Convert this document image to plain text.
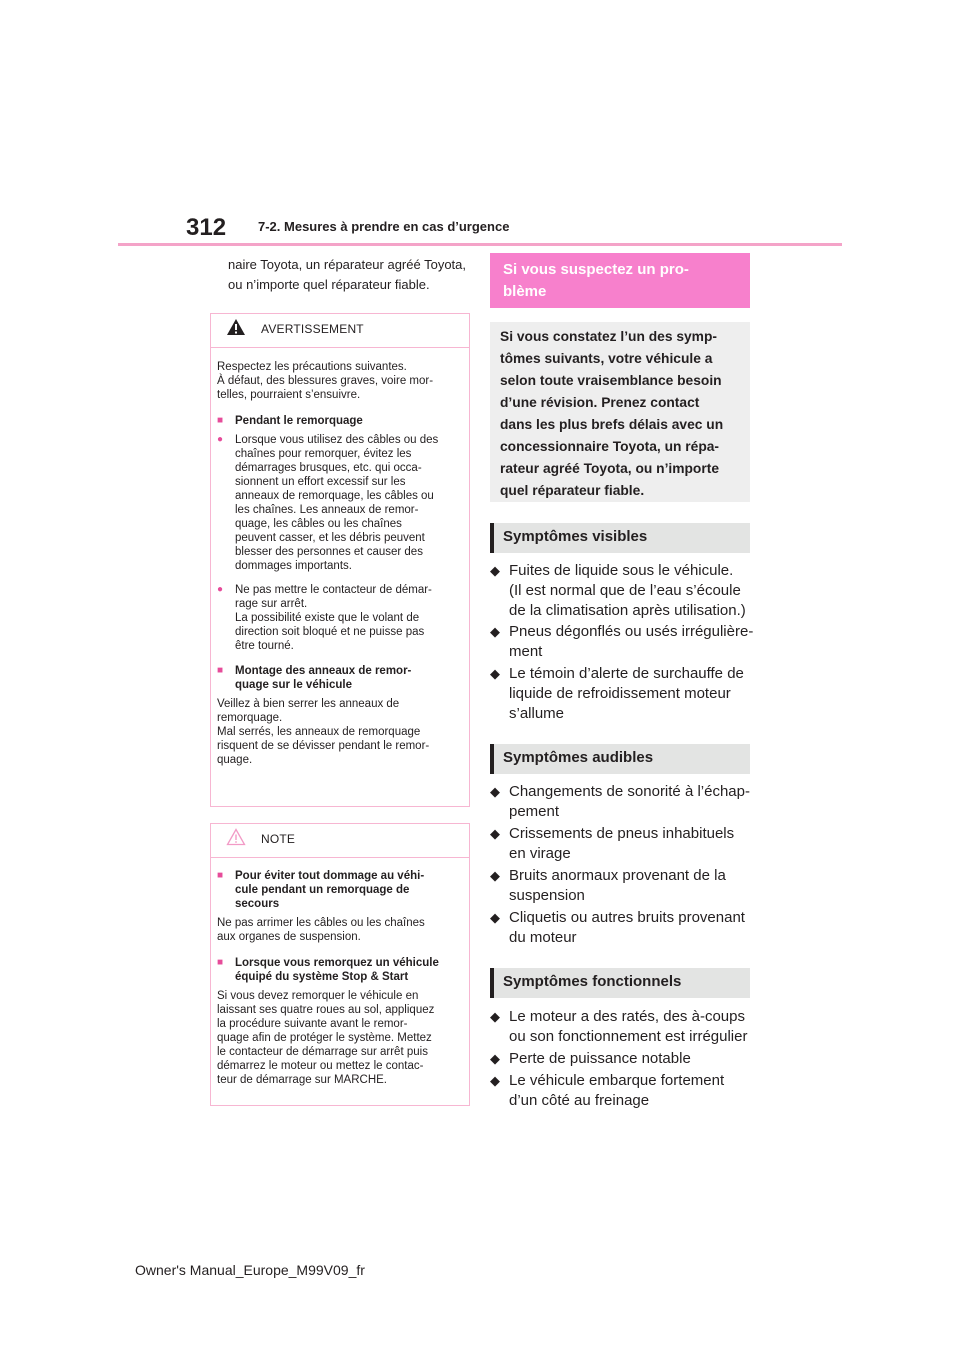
312 7-2. Mesures à prendre en cas d’urgence
naire Toyota, un réparateur agréé Toyota,
ou n’importe quel réparateur fiable.
AVERTISSEMENT

Respectez les précautions suivantes.

À défaut, des blessures graves, voire mor-

telles, pourraient s’ensuivre.

■	Pendant le remorquage
●	Lorsque vous utilisez des câbles ou des

chaînes pour remorquer, évitez les

démarrages brusques, etc. qui occa-

sionnent un effort excessif sur les

anneaux de remorquage, les câbles ou

les chaînes. Les anneaux de remor-

quage, les câbles ou les chaînes

peuvent casser, et les débris peuvent

blesser des personnes et causer des

dommages importants.

●	Ne pas mettre le contacteur de démar-

rage sur arrêt.

La possibilité existe que le volant de

direction soit bloqué et ne puisse pas

être tourné.

■	Montage des anneaux de remor-

quage sur le véhicule

Veillez à bien serrer les anneaux de

remorquage.

Mal serrés, les anneaux de remorquage

risquent de se dévisser pendant le remor-

quage.

NOTE
■	Pour éviter tout dommage au véhi-

cule pendant un remorquage de

secours

Ne pas arrimer les câbles ou les chaînes

aux organes de suspension.

■	Lorsque vous remorquez un véhicule

équipé du système Stop & Start

Si vous devez remorquer le véhicule en

laissant ses quatre roues au sol, appliquez

la procédure suivante avant le remor-

quage afin de protéger le système. Mettez

le contacteur de démarrage sur arrêt puis

démarrez le moteur ou mettez le contac-

teur de démarrage sur MARCHE.

Si vous suspectez un pro-
blème
Si vous constatez l’un des symp-
tômes suivants, votre véhicule a
selon toute vraisemblance besoin
d’une révision. Prenez contact
dans les plus brefs délais avec un
concessionnaire Toyota, un répa-
rateur agréé Toyota, ou n’importe
quel réparateur fiable.
Symptômes visibles
◆ Fuites de liquide sous le véhicule.
(Il est normal que de l’eau s’écoule
de la climatisation après utilisation.)
◆ Pneus dégonflés ou usés irrégulière-
ment
◆ Le témoin d’alerte de surchauffe de
liquide de refroidissement moteur
s’allume
Symptômes audibles
◆ Changements de sonorité à l’échap-
pement
◆ Crissements de pneus inhabituels
en virage
◆ Bruits anormaux provenant de la
suspension
◆ Cliquetis ou autres bruits provenant
du moteur
Symptômes fonctionnels
◆ Le moteur a des ratés, des à-coups
ou son fonctionnement est irrégulier
◆ Perte de puissance notable
◆ Le véhicule embarque fortement
d’un côté au freinage
Owner's Manual_Europe_M99V09_fr
